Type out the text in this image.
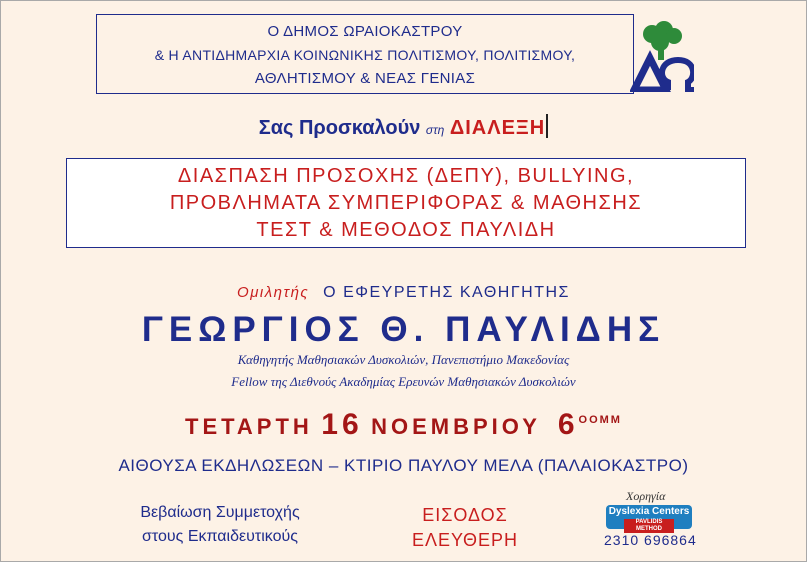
Ο ΔΗΜΟΣ ΩΡΑΙΟΚΑΣΤΡΟΥ
& Η ΑΝΤΙΔΗΜΑΡΧΙΑ ΚΟΙΝΩΝΙΚΗΣ ΠΟΛΙΤΙΣΜΟΥ, ΠΟΛΙΤΙΣΜΟΥ,
ΑΘΛΗΤΙΣΜΟΥ & ΝΕΑΣ ΓΕΝΙΑΣ
Σας Προσκαλούν στη ΔΙΑΛΕΞΗ
ΔΙΑΣΠΑΣΗ ΠΡΟΣΟΧΗΣ (ΔΕΠΥ), BULLYING,
ΠΡΟΒΛΗΜΑΤΑ ΣΥΜΠΕΡΙΦΟΡΑΣ & ΜΑΘΗΣΗΣ
ΤΕΣΤ & ΜΕΘΟΔΟΣ ΠΑΥΛΙΔΗ
Ομιλητής Ο ΕΦΕΥΡΕΤΗΣ ΚΑΘΗΓΗΤΗΣ
ΓΕΩΡΓΙΟΣ Θ. ΠΑΥΛΙΔΗΣ
Καθηγητής Μαθησιακών Δυσκολιών, Πανεπιστήμιο Μακεδονίας
Fellow της Διεθνούς Ακαδημίας Ερευνών Μαθησιακών Δυσκολιών
ΤΕΤΑΡΤΗ 16 ΝΟΕΜΒΡΙΟΥ $6^{OOMM}$
ΑΙΘΟΥΣΑ ΕΚΔΗΛΩΣΕΩΝ – ΚΤΙΡΙΟ ΠΑΥΛΟΥ ΜΕΛΑ (ΠΑΛΑΙΟΚΑΣΤΡΟ)
Βεβαίωση Συμμετοχής
στους Εκπαιδευτικούς
ΕΙΣΟΔΟΣ
ΕΛΕΥΘΕΡΗ
Χορηγία
Dyslexia Centers
PAVLIDIS METHOD
2310 696864
